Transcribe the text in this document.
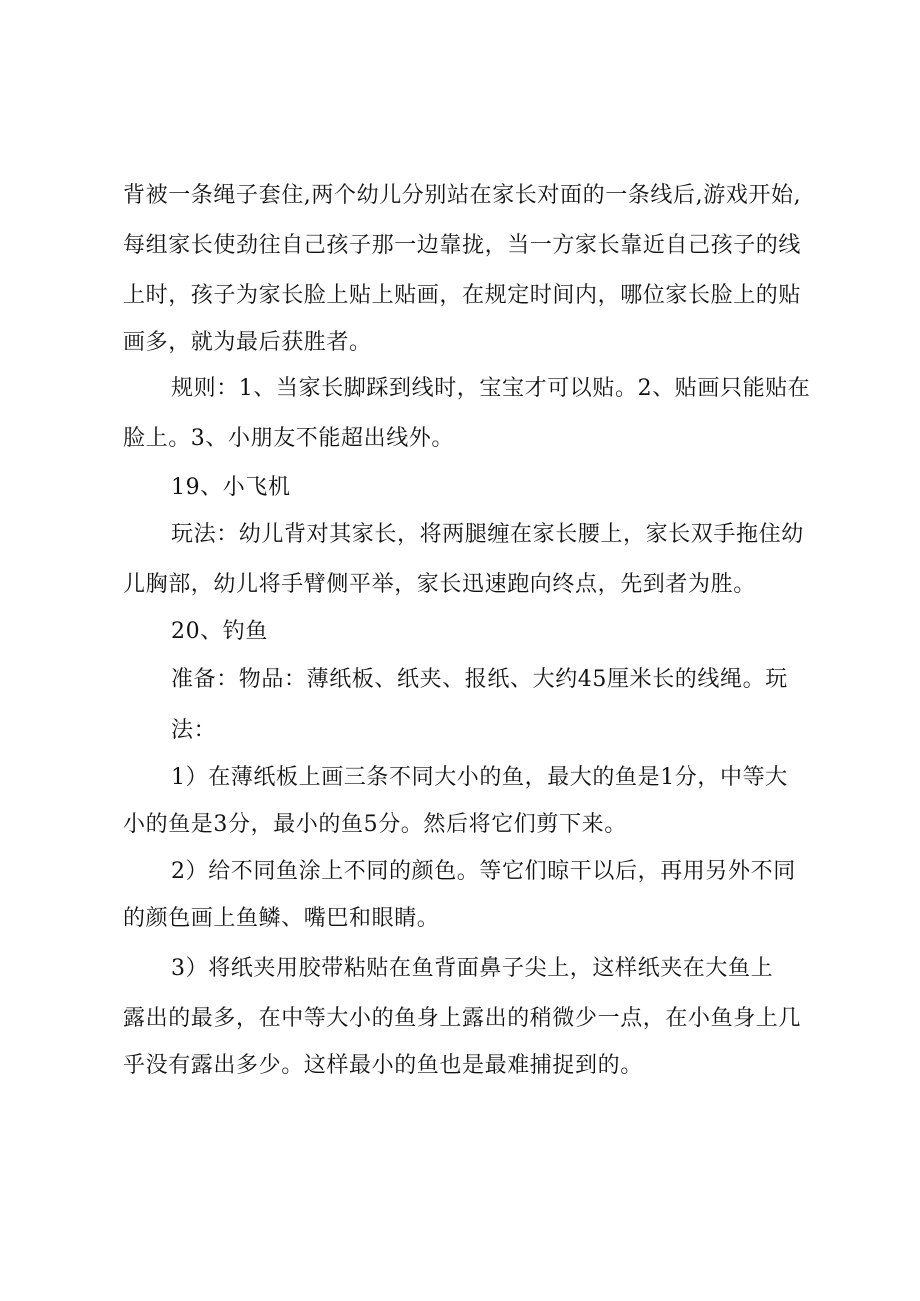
背被一条绳子套住,两个幼儿分别站在家长对面的一条线后,游戏开始,
每组家长使劲往自己孩子那一边靠拢，当一方家长靠近自己孩子的线
上时，孩子为家长脸上贴上贴画，在规定时间内，哪位家长脸上的贴
画多，就为最后获胜者。
规则：1、当家长脚踩到线时，宝宝才可以贴。2、贴画只能贴在
脸上。3、小朋友不能超出线外。
19、小飞机
玩法：幼儿背对其家长，将两腿缠在家长腰上，家长双手拖住幼
儿胸部，幼儿将手臂侧平举，家长迅速跑向终点，先到者为胜。
20、钓鱼
准备：物品：薄纸板、纸夹、报纸、大约45厘米长的线绳。玩
法：
1）在薄纸板上画三条不同大小的鱼，最大的鱼是1分，中等大
小的鱼是3分，最小的鱼5分。然后将它们剪下来。
2）给不同鱼涂上不同的颜色。等它们晾干以后，再用另外不同
的颜色画上鱼鳞、嘴巴和眼睛。
3）将纸夹用胶带粘贴在鱼背面鼻子尖上，这样纸夹在大鱼上
露出的最多，在中等大小的鱼身上露出的稍微少一点，在小鱼身上几
乎没有露出多少。这样最小的鱼也是最难捕捉到的。
